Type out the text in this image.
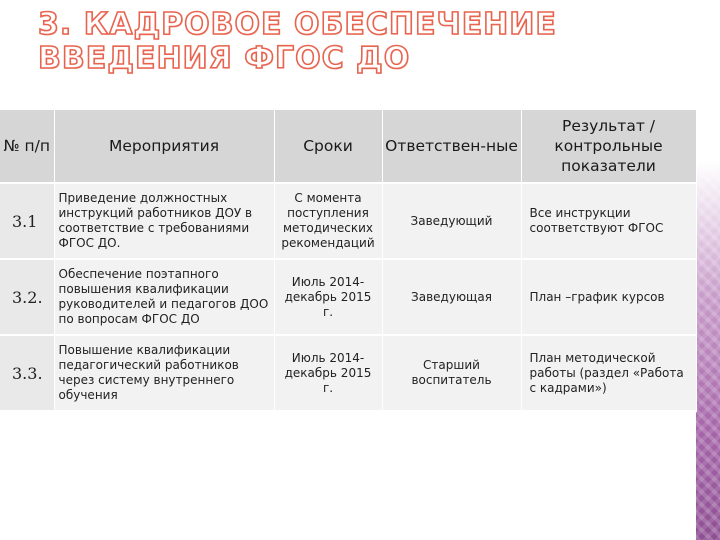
3. КАДРОВОЕ ОБЕСПЕЧЕНИЕ
ВВЕДЕНИЯ ФГОС ДО
№ п/п	Мероприятия	Сроки	Ответствен-ные	Результат / контрольные показатели
3.1	Приведение должностных инструкций работников ДОУ в соответствие с требованиями ФГОС ДО.	С момента поступления методических рекомендаций	Заведующий	Все инструкции соответствуют ФГОС
3.2.	Обеспечение поэтапного повышения квалификации руководителей и педагогов ДОО по вопросам ФГОС ДО	Июль 2014-декабрь 2015 г.	Заведующая	План –график курсов
3.3.	Повышение квалификации педагогический работников через систему внутреннего обучения	Июль 2014-декабрь 2015 г.	Старший воспитатель	План методической работы (раздел «Работа с кадрами»)
